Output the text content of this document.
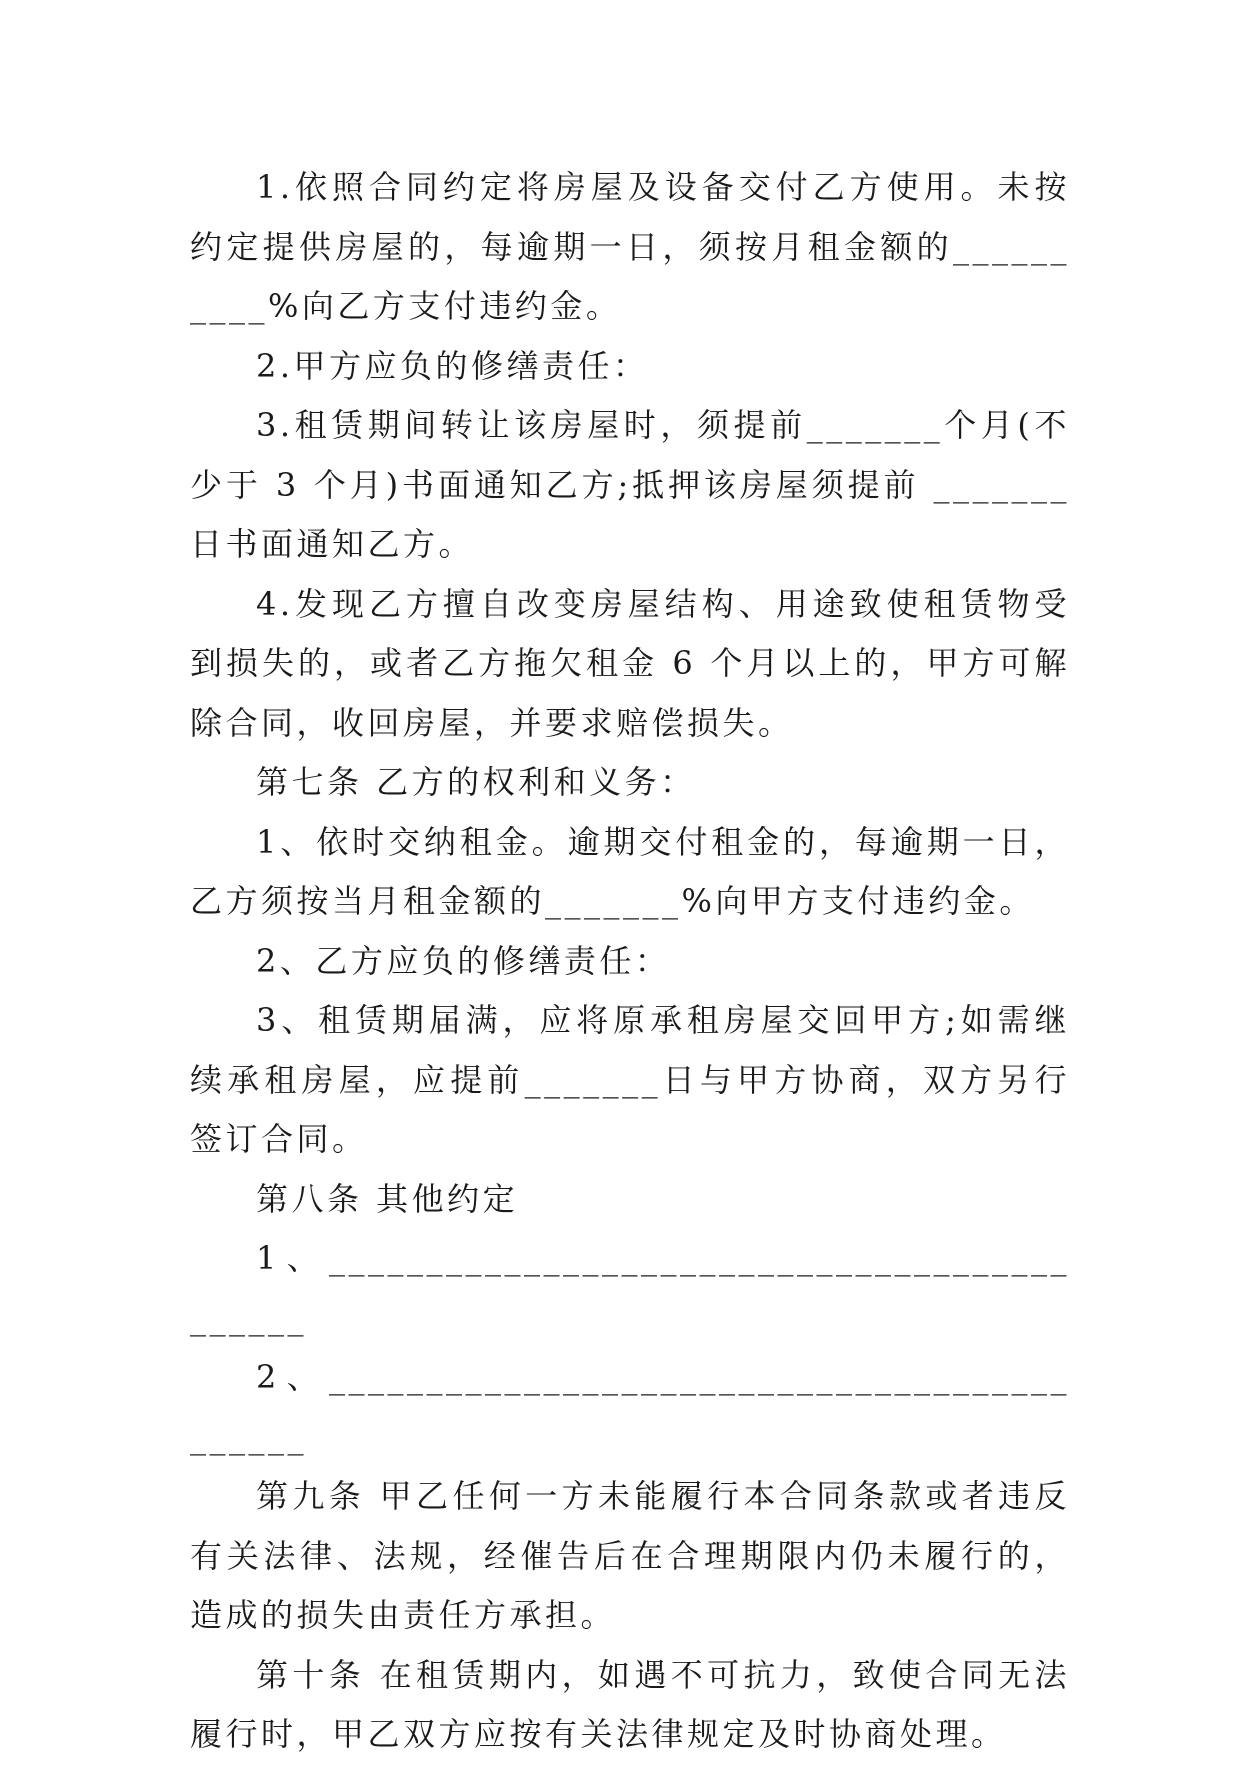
1.依照合同约定将房屋及设备交付乙方使用。未按约定提供房屋的，每逾期一日，须按月租金额的__________%向乙方支付违约金。

2.甲方应负的修缮责任：

3.租赁期间转让该房屋时，须提前_______个月(不少于 3 个月)书面通知乙方;抵押该房屋须提前 _______日书面通知乙方。

4.发现乙方擅自改变房屋结构、用途致使租赁物受到损失的，或者乙方拖欠租金 6 个月以上的，甲方可解除合同，收回房屋，并要求赔偿损失。

第七条 乙方的权利和义务：

1、依时交纳租金。逾期交付租金的，每逾期一日，乙方须按当月租金额的_______%向甲方支付违约金。

2、乙方应负的修缮责任：

3、租赁期届满，应将原承租房屋交回甲方;如需继续承租房屋，应提前_______日与甲方协商，双方另行签订合同。

第八条 其他约定

1、____________________________________________

2、____________________________________________

第九条 甲乙任何一方未能履行本合同条款或者违反有关法律、法规，经催告后在合理期限内仍未履行的，造成的损失由责任方承担。

第十条 在租赁期内，如遇不可抗力，致使合同无法履行时，甲乙双方应按有关法律规定及时协商处理。
